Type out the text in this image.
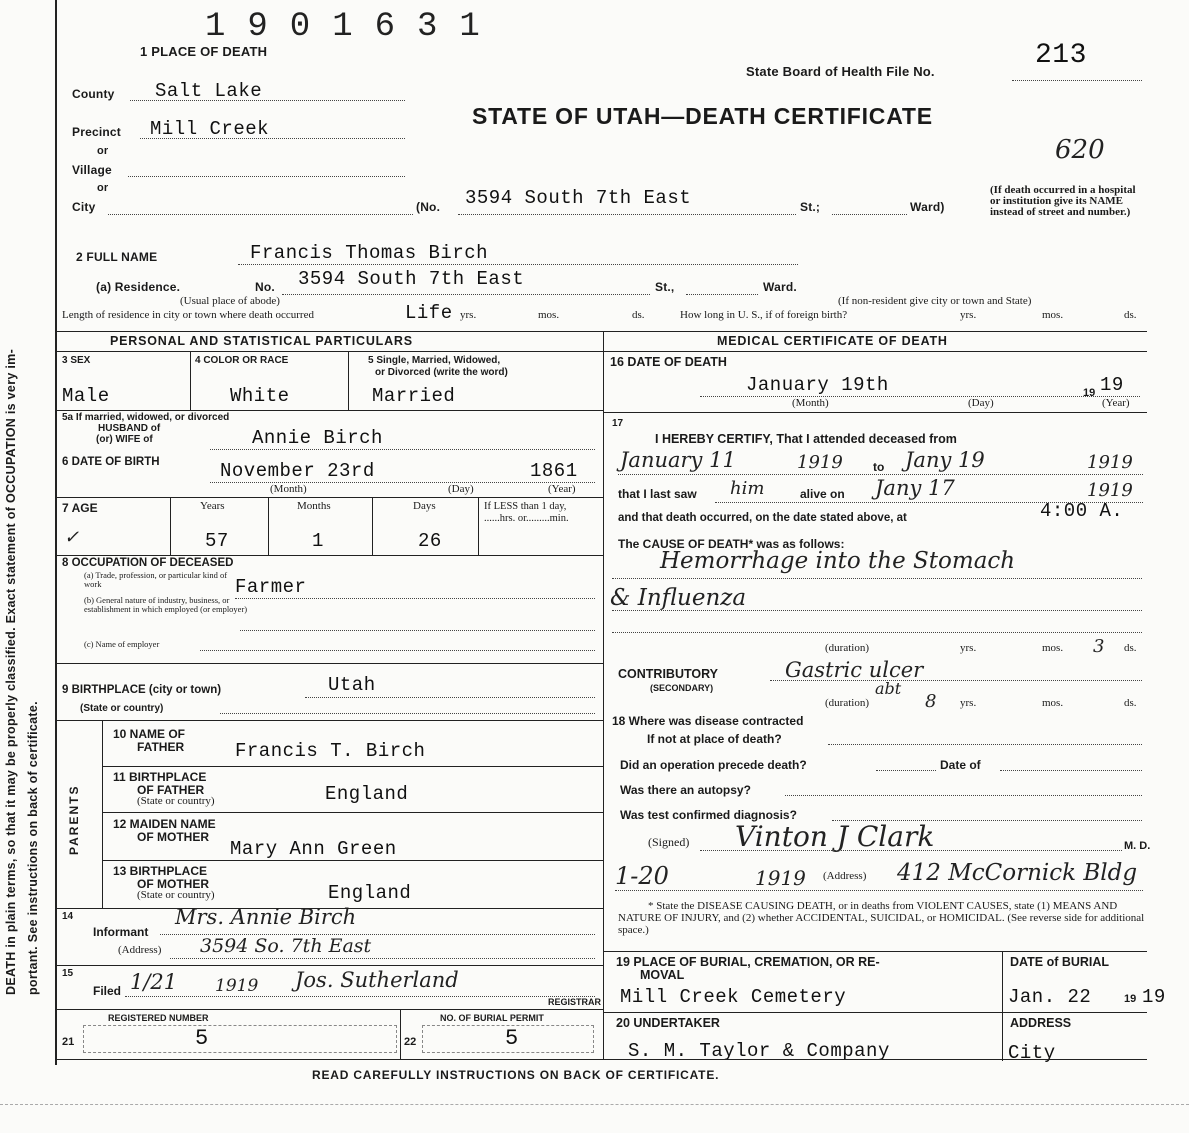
DEATH in plain terms, so that it may be properly classified. Exact statement of OCCUPATION is very im- portant. See instructions on back of certificate.
1901631
1 PLACE OF DEATH
State Board of Health File No.
213
STATE OF UTAH—DEATH CERTIFICATE
620
County Salt Lake
Precinct Mill Creek
or
Village
or
City	(No. 3594 South 7th East	St.;	Ward)
(If death occurred in a hospital or institution give its NAME instead of street and number.)
2 FULL NAME	Francis Thomas Birch
(a) Residence.	No. 3594 South 7th East	St.,	Ward.
(Usual place of abode)	(If non-resident give city or town and State)
Length of residence in city or town where death occurred	Life yrs.	mos.	ds.	How long in U. S., if of foreign birth?	yrs.	mos.	ds.
PERSONAL AND STATISTICAL PARTICULARS	MEDICAL CERTIFICATE OF DEATH
3 SEX
Male
4 COLOR OR RACE
White
5 Single, Married, Widowed,
or Divorced (write the word)
Married
5a If married, widowed, or divorced
HUSBAND of
(or) WIFE of	Annie Birch
6 DATE OF BIRTH	November 23rd	1861
(Month)	(Day)	(Year)
7 AGE	Years	Months	Days	If LESS than 1 day, ......hrs. or.........min.
✓	57	1	26
8 OCCUPATION OF DECEASED
(a) Trade, profession, or particular kind of work
(b) General nature of industry, business, or establishment in which employed (or employer)
(c) Name of employer
Farmer
9 BIRTHPLACE (city or town)	Utah
(State or country)
PARENTS
10 NAME OF
FATHER	Francis T. Birch
11 BIRTHPLACE
OF FATHER
(State or country)	England
12 MAIDEN NAME
OF MOTHER
Mary Ann Green
13 BIRTHPLACE
OF MOTHER
(State or country)	England
14
Informant
Mrs. Annie Birch
(Address) 3594 So. 7th East
15
Filed 1/21 1919 Jos. Sutherland
REGISTRAR
REGISTERED NUMBER
21	5
NO. OF BURIAL PERMIT
22	5
16 DATE OF DEATH
January 19th	19 19
(Month)	(Day)	(Year)
17
I HEREBY CERTIFY, That I attended deceased from
January 11	1919	to Jany 19	1919
that I last saw him	alive on Jany 17	1919
and that death occurred, on the date stated above, at	4:00 A.
The CAUSE OF DEATH* was as follows:
Hemorrhage into the Stomach
& Influenza
(duration)	yrs.	mos. 3 ds.
CONTRIBUTORY
(SECONDARY)
Gastric ulcer
abt
(duration)	8 yrs.	mos.	ds.
18 Where was disease contracted
If not at place of death?
Did an operation precede death?	Date of
Was there an autopsy?
Was test confirmed diagnosis?
(Signed) Vinton J Clark	M. D.
1-20	1919 (Address) 412 McCornick Bldg
* State the DISEASE CAUSING DEATH, or in deaths from VIOLENT CAUSES, state (1) MEANS AND NATURE OF INJURY, and (2) whether ACCIDENTAL, SUICIDAL, or HOMICIDAL. (See reverse side for additional space.)
19 PLACE OF BURIAL, CREMATION, OR RE-
MOVAL
Mill Creek Cemetery
DATE of BURIAL
Jan. 22	19 19
20 UNDERTAKER
S. M. Taylor & Company
ADDRESS
City
READ CAREFULLY INSTRUCTIONS ON BACK OF CERTIFICATE.
